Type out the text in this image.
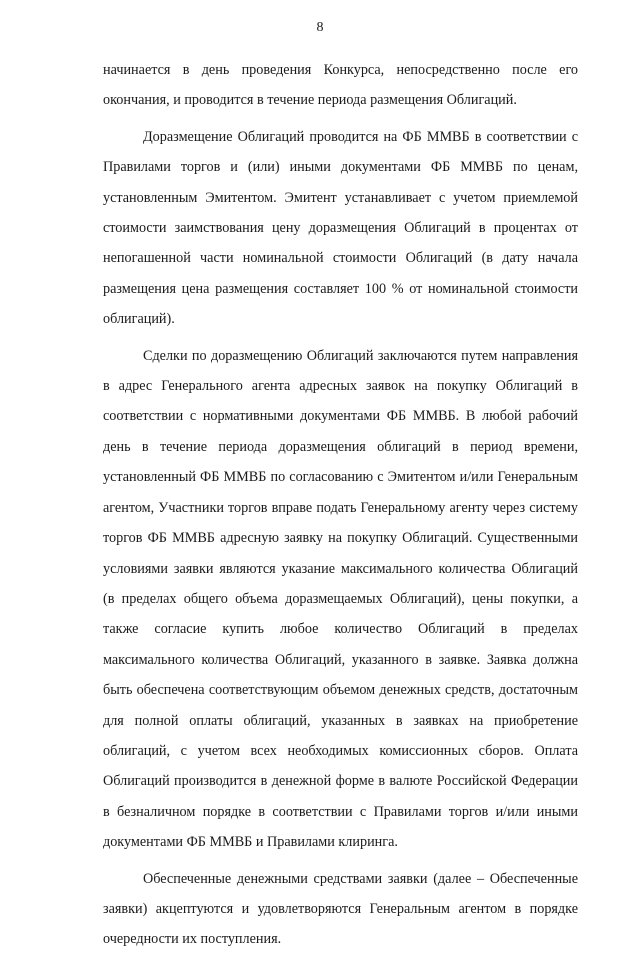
8

начинается в день проведения Конкурса, непосредственно после его окончания, и проводится в течение периода размещения Облигаций.

Доразмещение Облигаций проводится на ФБ ММВБ в соответствии с Правилами торгов и (или) иными документами ФБ ММВБ по ценам, установленным Эмитентом. Эмитент устанавливает с учетом приемлемой стоимости заимствования цену доразмещения Облигаций в процентах от непогашенной части номинальной стоимости Облигаций (в дату начала размещения цена размещения составляет 100 % от номинальной стоимости облигаций).

Сделки по доразмещению Облигаций заключаются путем направления в адрес Генерального агента адресных заявок на покупку Облигаций в соответствии с нормативными документами ФБ ММВБ. В любой рабочий день в течение периода доразмещения облигаций в период времени, установленный ФБ ММВБ по согласованию с Эмитентом и/или Генеральным агентом, Участники торгов вправе подать Генеральному агенту через систему торгов ФБ ММВБ адресную заявку на покупку Облигаций. Существенными условиями заявки являются указание максимального количества Облигаций (в пределах общего объема доразмещаемых Облигаций), цены покупки, а также согласие купить любое количество Облигаций в пределах максимального количества Облигаций, указанного в заявке. Заявка должна быть обеспечена соответствующим объемом денежных средств, достаточным для полной оплаты облигаций, указанных в заявках на приобретение облигаций, с учетом всех необходимых комиссионных сборов. Оплата Облигаций производится в денежной форме в валюте Российской Федерации в безналичном порядке в соответствии с Правилами торгов и/или иными документами ФБ ММВБ и Правилами клиринга.

Обеспеченные денежными средствами заявки (далее – Обеспеченные заявки) акцептуются и удовлетворяются Генеральным агентом в порядке очередности их поступления.
